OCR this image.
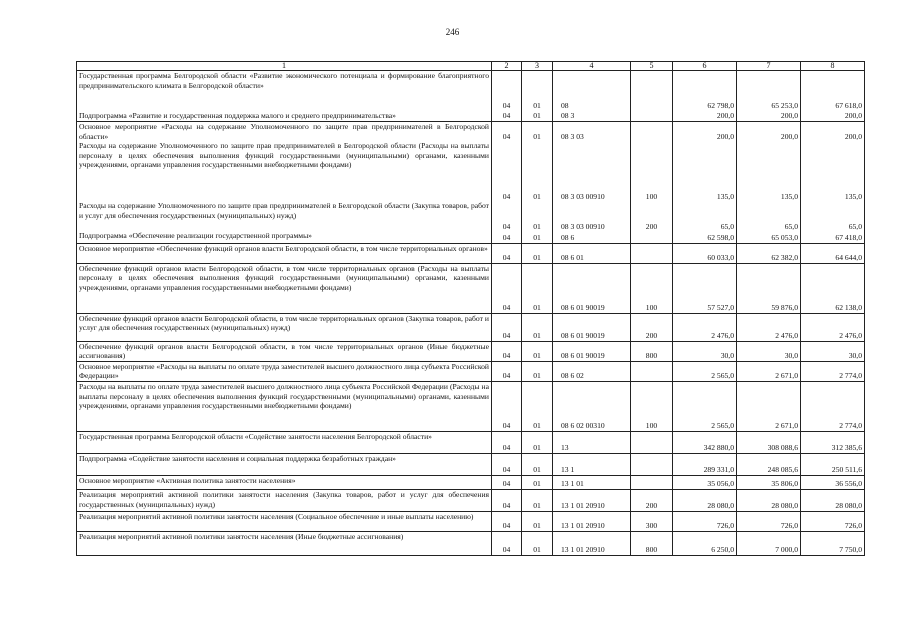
246
1	2	3	4	5	6	7	8
Государственная программа Белгородской области «Развитие экономического потенциала и формирование благоприятного предпринимательского климата в Белгородской области»	04	01	08		62 798,0	65 253,0	67 618,0
Подпрограмма «Развитие и государственная поддержка малого и среднего предпринимательства»	04	01	08 3		200,0	200,0	200,0
Основное мероприятие «Расходы на содержание Уполномоченного по защите прав предпринимателей в Белгородской области»	04	01	08 3 03		200,0	200,0	200,0
Расходы на содержание Уполномоченного по защите прав предпринимателей в Белгородской области (Расходы на выплаты персоналу в целях обеспечения выполнения функций государственными (муниципальными) органами, казенными учреждениями, органами управления государственными внебюджетными фондами)	04	01	08 3 03 00910	100	135,0	135,0	135,0
Расходы на содержание Уполномоченного по защите прав предпринимателей в Белгородской области (Закупка товаров, работ и услуг для обеспечения государственных (муниципальных) нужд)	04	01	08 3 03 00910	200	65,0	65,0	65,0
Подпрограмма «Обеспечение реализации государственной программы»	04	01	08 6		62 598,0	65 053,0	67 418,0
Основное мероприятие «Обеспечение функций органов власти Белгородской области, в том числе территориальных органов»	04	01	08 6 01		60 033,0	62 382,0	64 644,0
Обеспечение функций органов власти Белгородской области, в том числе территориальных органов (Расходы на выплаты персоналу в целях обеспечения выполнения функций государственными (муниципальными) органами, казенными учреждениями, органами управления государственными внебюджетными фондами)	04	01	08 6 01 90019	100	57 527,0	59 876,0	62 138,0
Обеспечение функций органов власти Белгородской области, в том числе территориальных органов (Закупка товаров, работ и услуг для обеспечения государственных (муниципальных) нужд)	04	01	08 6 01 90019	200	2 476,0	2 476,0	2 476,0
Обеспечение функций органов власти Белгородской области, в том числе территориальных органов (Иные бюджетные ассигнования)	04	01	08 6 01 90019	800	30,0	30,0	30,0
Основное мероприятие «Расходы на выплаты по оплате труда заместителей высшего должностного лица субъекта Российской Федерации»	04	01	08 6 02		2 565,0	2 671,0	2 774,0
Расходы на выплаты по оплате труда заместителей высшего должностного лица субъекта Российской Федерации (Расходы на выплаты персоналу в целях обеспечения выполнения функций государственными (муниципальными) органами, казенными учреждениями, органами управления государственными внебюджетными фондами)	04	01	08 6 02 00310	100	2 565,0	2 671,0	2 774,0
Государственная программа Белгородской области «Содействие занятости населения Белгородской области»	04	01	13		342 880,0	308 088,6	312 385,6
Подпрограмма «Содействие занятости населения и социальная поддержка безработных граждан»	04	01	13 1		289 331,0	248 085,6	250 511,6
Основное мероприятие «Активная политика занятости населения»	04	01	13 1 01		35 056,0	35 806,0	36 556,0
Реализация мероприятий активной политики занятости населения (Закупка товаров, работ и услуг для обеспечения государственных (муниципальных) нужд)	04	01	13 1 01 20910	200	28 080,0	28 080,0	28 080,0
Реализация мероприятий активной политики занятости населения (Социальное обеспечение и иные выплаты населению)	04	01	13 1 01 20910	300	726,0	726,0	726,0
Реализация мероприятий активной политики занятости населения (Иные бюджетные ассигнования)	04	01	13 1 01 20910	800	6 250,0	7 000,0	7 750,0
